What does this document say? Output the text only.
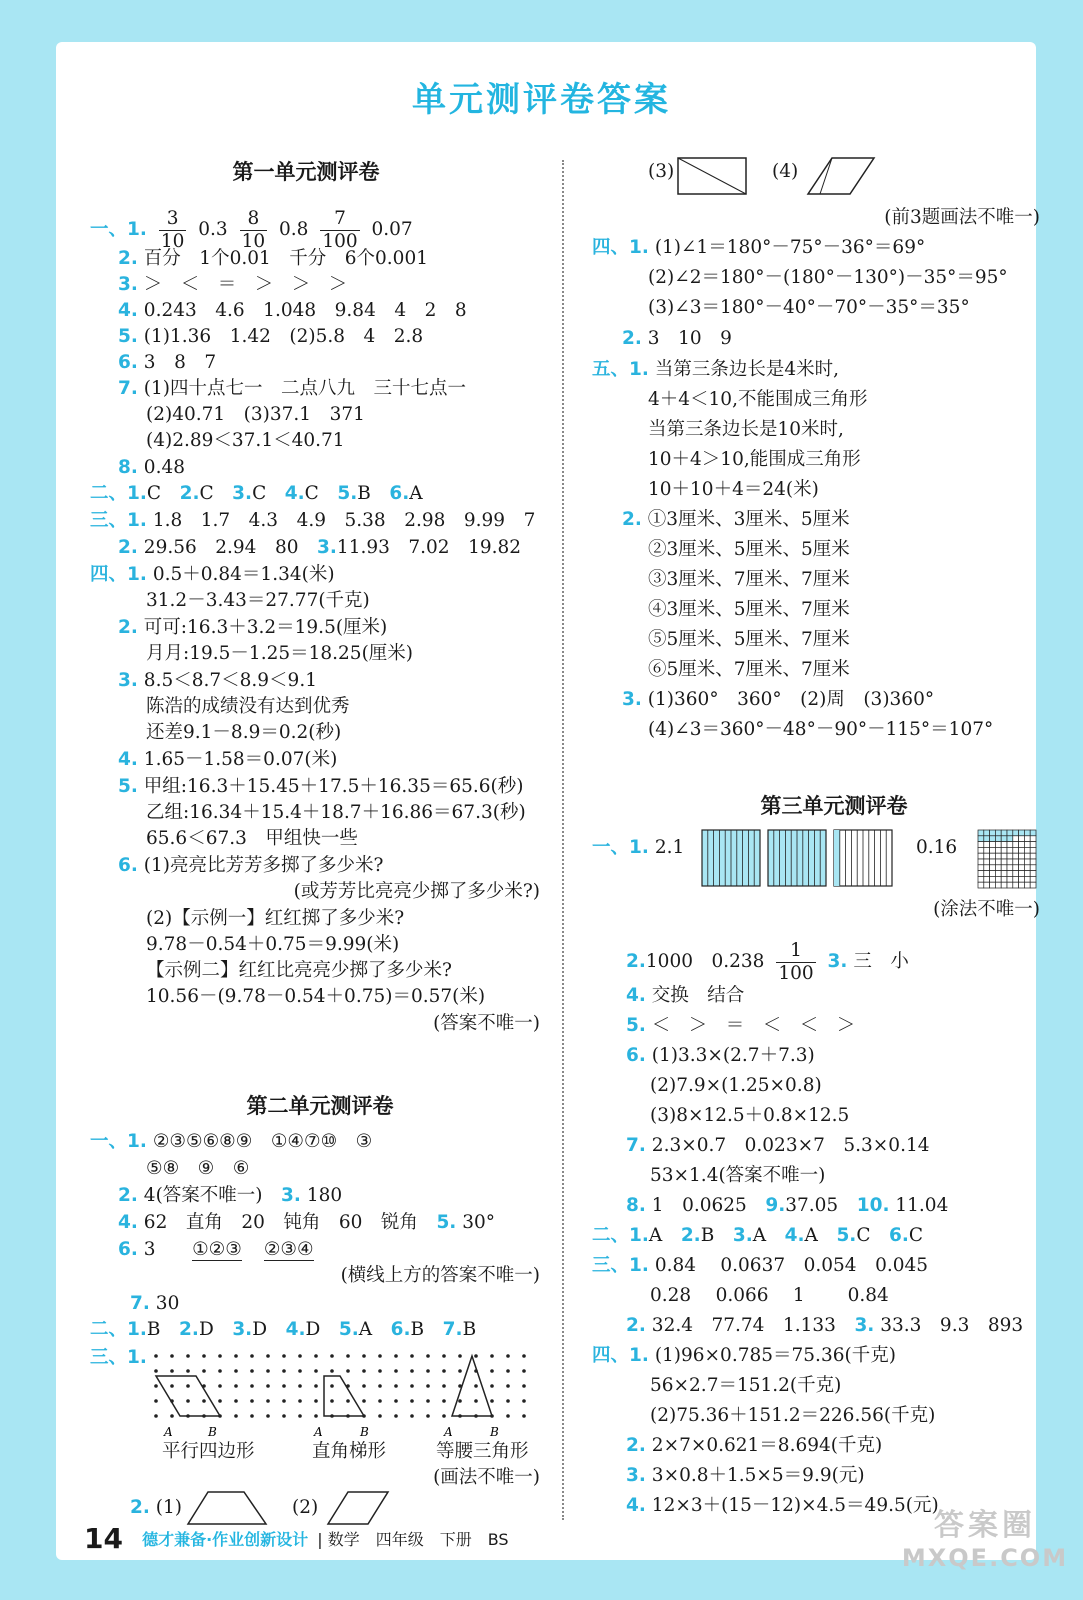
单元测评卷答案
第一单元测评卷
一、1. $\frac{3}{10} 0.3 \frac{8}{10} 0.8 \frac{7}{100} 0.07$
2. 百分　1个0.01　千分　6个0.001
3. ＞　＜　＝　＞　＞　＞
4. 0.243　4.6　1.048　9.84　4　2　8
5. (1)1.36　1.42　(2)5.8　4　2.8
6. 3　8　7
7. (1)四十点七一　二点八九　三十七点一
(2)40.71　(3)37.1　371
(4)2.89＜37.1＜40.71
8. 0.48
二、1.C　 2.C　 3.C　 4.C　 5.B　 6.A
三、1. 1.8　1.7　4.3　4.9　5.38　2.98　9.99　7
2. 29.56　2.94　80　 3.11.93　7.02　19.82
四、1. 0.5＋0.84＝1.34(米)
31.2－3.43＝27.77(千克)
2. 可可:16.3＋3.2＝19.5(厘米)
月月:19.5－1.25＝18.25(厘米)
3. 8.5＜8.7＜8.9＜9.1
陈浩的成绩没有达到优秀
还差9.1－8.9＝0.2(秒)
4. 1.65－1.58＝0.07(米)
5. 甲组:16.3＋15.45＋17.5＋16.35＝65.6(秒)
乙组:16.34＋15.4＋18.7＋16.86＝67.3(秒)
65.6＜67.3　甲组快一些
6. (1)亮亮比芳芳多掷了多少米?
(或芳芳比亮亮少掷了多少米?)
(2)【示例一】红红掷了多少米?
9.78－0.54＋0.75＝9.99(米)
【示例二】红红比亮亮少掷了多少米?
10.56－(9.78－0.54＋0.75)＝0.57(米)
(答案不唯一)
第二单元测评卷
一、1. ②③⑤⑥⑧⑨　①④⑦⑩　③
⑤⑧　⑨　⑥
2. 4(答案不唯一)　 3. 180
4. 62　直角　20　钝角　60　锐角　 5. 30°
6. 3　①②③ ②③④
(横线上方的答案不唯一)
7. 30
二、1.B　 2.D　 3.D　 4.D　 5.A　 6.B　 7.B
三、1.
A	B	A	B	A	B
平行四边形	直角梯形	等腰三角形
(画法不唯一)
2. (1)	(2)
(3)	(4)
(前3题画法不唯一)
四、1. (1)∠1＝180°－75°－36°＝69°
(2)∠2＝180°－(180°－130°)－35°＝95°
(3)∠3＝180°－40°－70°－35°＝35°
2. 3　10　9
五、1. 当第三条边长是4米时,
4＋4＜10,不能围成三角形
当第三条边长是10米时,
10＋4＞10,能围成三角形
10＋10＋4＝24(米)
2. ①3厘米、3厘米、5厘米
②3厘米、5厘米、5厘米
③3厘米、7厘米、7厘米
④3厘米、5厘米、7厘米
⑤5厘米、5厘米、7厘米
⑥5厘米、7厘米、7厘米
3. (1)360°　360°　(2)周　(3)360°
(4)∠3＝360°－48°－90°－115°＝107°
第三单元测评卷
一、1. 2.1	0.16
(涂法不唯一)
2.1000　$0.238 \frac{1}{100} 3$. 三　小
4. 交换　结合
5. ＜　＞　＝　＜　＜　＞
6. (1)3.3×(2.7＋7.3)
(2)7.9×(1.25×0.8)
(3)8×12.5＋0.8×12.5
7. 2.3×0.7　0.023×7　5.3×0.14
53×1.4(答案不唯一)
8. 1　0.0625　 9.37.05　 10. 11.04
二、1.A　 2.B　 3.A　 4.A　 5.C　 6.C
三、1. 0.84　 0.0637　0.054　0.045
0.28　 0.066　 1　　 0.84
2. 32.4　77.74　1.133　 3. 33.3　9.3　893
四、1. (1)96×0.785＝75.36(千克)
56×2.7＝151.2(千克)
(2)75.36＋151.2＝226.56(千克)
2. 2×7×0.621＝8.694(千克)
3. 3×0.8＋1.5×5＝9.9(元)
4. 12×3＋(15－12)×4.5＝49.5(元)
14 德才兼备·作业创新设计 | 数学　四年级　下册　BS	答案圈
MXQE.COM
